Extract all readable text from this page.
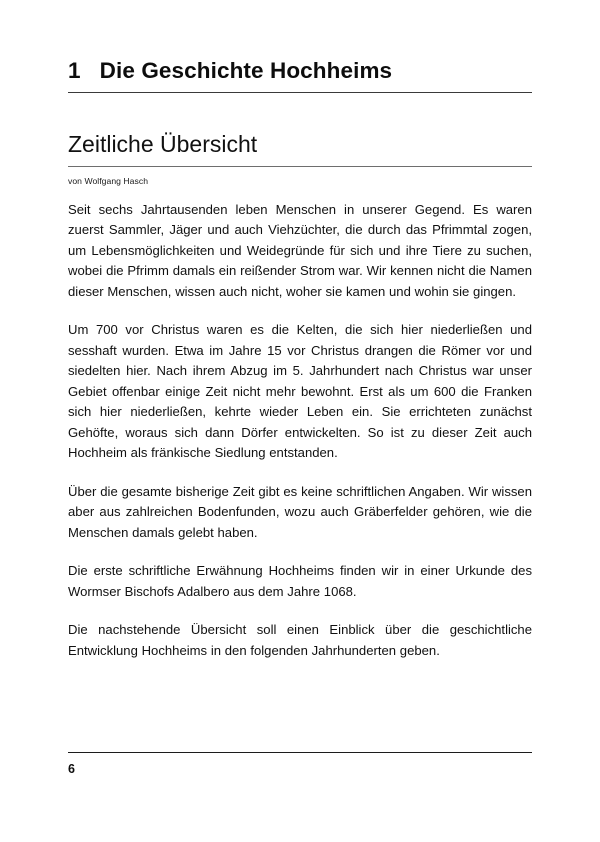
1   Die Geschichte Hochheims
Zeitliche Übersicht

von Wolfgang Hasch

Seit sechs Jahrtausenden leben Menschen in unserer Gegend. Es waren zuerst Sammler, Jäger und auch Viehzüchter, die durch das Pfrimmtal zogen, um Lebensmöglichkeiten und Weidegründe für sich und ihre Tiere zu suchen, wobei die Pfrimm damals ein reißender Strom war. Wir kennen nicht die Namen dieser Menschen, wissen auch nicht, woher sie kamen und wohin sie gingen.

Um 700 vor Christus waren es die Kelten, die sich hier niederließen und sesshaft wurden. Etwa im Jahre 15 vor Christus drangen die Römer vor und siedelten hier. Nach ihrem Abzug im 5. Jahrhundert nach Christus war unser Gebiet offenbar einige Zeit nicht mehr bewohnt. Erst als um 600 die Franken sich hier niederließen, kehrte wieder Leben ein. Sie errichteten zunächst Gehöfte, woraus sich dann Dörfer entwickelten. So ist zu dieser Zeit auch Hochheim als fränkische Siedlung entstanden.

Über die gesamte bisherige Zeit gibt es keine schriftlichen Angaben. Wir wissen aber aus zahlreichen Bodenfunden, wozu auch Gräberfelder gehören, wie die Menschen damals gelebt haben.

Die erste schriftliche Erwähnung Hochheims finden wir in einer Urkunde des Wormser Bischofs Adalbero aus dem Jahre 1068.

Die nachstehende Übersicht soll einen Einblick über die geschichtliche Entwicklung Hochheims in den folgenden Jahrhunderten geben.

6
